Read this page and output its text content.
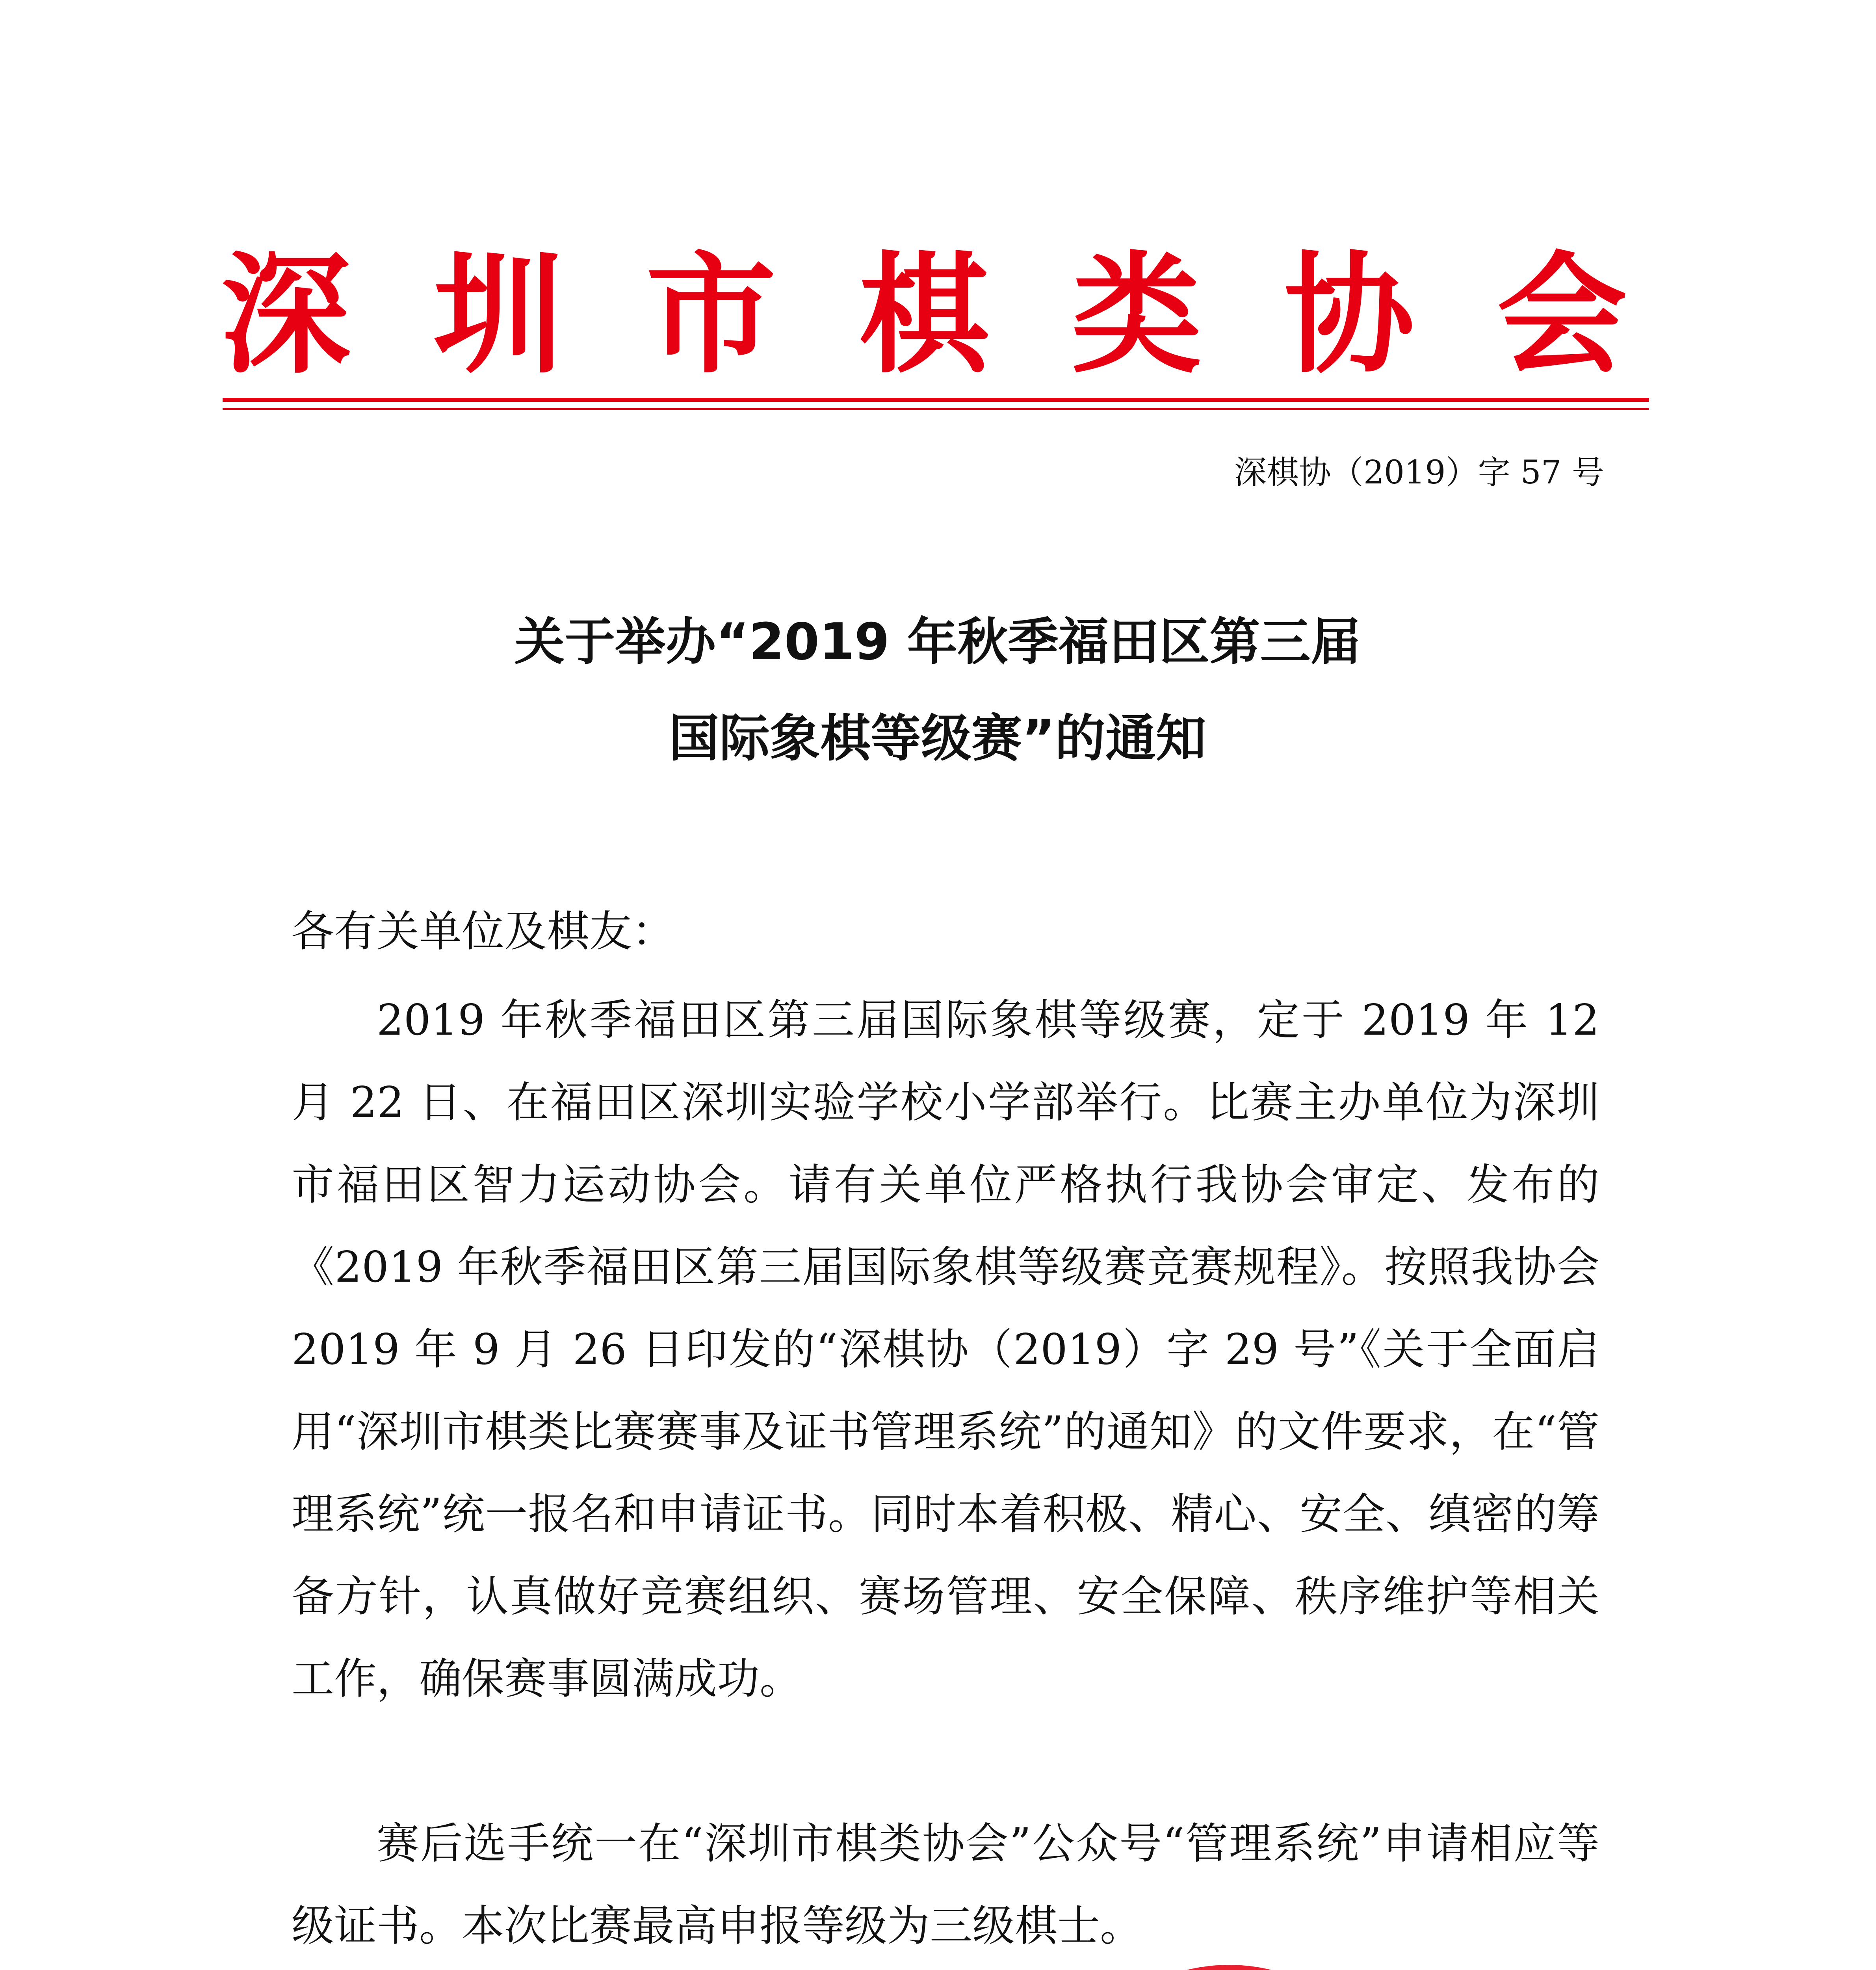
深圳市棋类协会
深棋协（2019）字 57 号
关于举办“2019 年秋季福田区第三届
国际象棋等级赛”的通知
各有关单位及棋友：

2019 年秋季福田区第三届国际象棋等级赛，定于 2019 年 12 月 22 日、在福田区深圳实验学校小学部举行。比赛主办单位为深圳市福田区智力运动协会。请有关单位严格执行我协会审定、发布的《2019 年秋季福田区第三届国际象棋等级赛竞赛规程》。按照我协会 2019 年 9 月 26 日印发的“深棋协（2019）字 29 号”《关于全面启用“深圳市棋类比赛赛事及证书管理系统”的通知》的文件要求，在“管理系统”统一报名和申请证书。同时本着积极、精心、安全、缜密的筹备方针，认真做好竞赛组织、赛场管理、安全保障、秩序维护等相关工作，确保赛事圆满成功。

赛后选手统一在“深圳市棋类协会”公众号“管理系统”申请相应等级证书。本次比赛最高申报等级为三级棋士。
